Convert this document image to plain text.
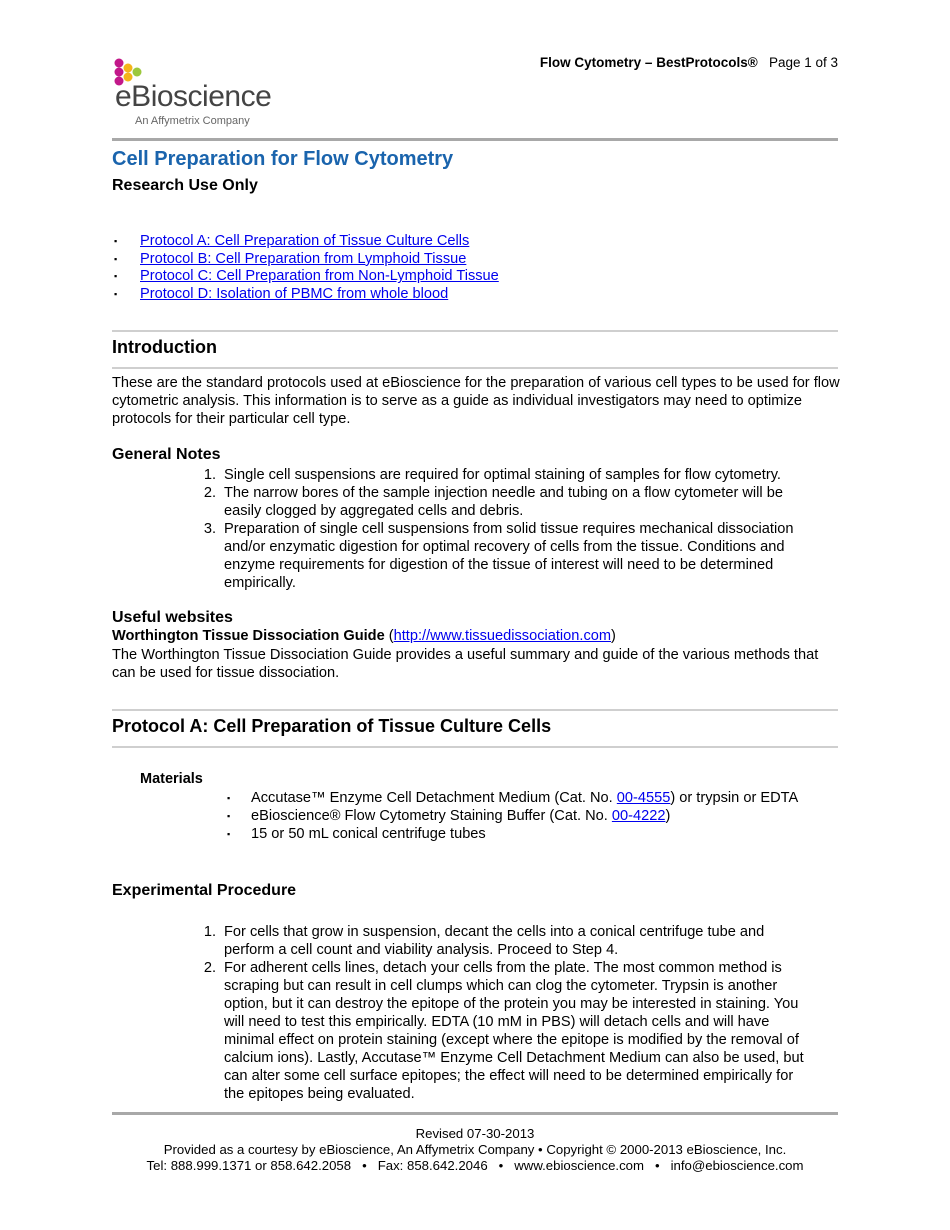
Flow Cytometry – BestProtocols® Page 1 of 3
eBioscience
An Affymetrix Company
Cell Preparation for Flow Cytometry
Research Use Only
▪ Protocol A: Cell Preparation of Tissue Culture Cells
▪ Protocol B: Cell Preparation from Lymphoid Tissue
▪ Protocol C: Cell Preparation from Non-Lymphoid Tissue
▪ Protocol D: Isolation of PBMC from whole blood
Introduction
These are the standard protocols used at eBioscience for the preparation of various cell types to be used for flow cytometric analysis. This information is to serve as a guide as individual investigators may need to optimize protocols for their particular cell type.
General Notes
1. Single cell suspensions are required for optimal staining of samples for flow cytometry.
2. The narrow bores of the sample injection needle and tubing on a flow cytometer will be easily clogged by aggregated cells and debris.
3. Preparation of single cell suspensions from solid tissue requires mechanical dissociation and/or enzymatic digestion for optimal recovery of cells from the tissue. Conditions and enzyme requirements for digestion of the tissue of interest will need to be determined empirically.
Useful websites
Worthington Tissue Dissociation Guide (http://www.tissuedissociation.com)
The Worthington Tissue Dissociation Guide provides a useful summary and guide of the various methods that can be used for tissue dissociation.
Protocol A: Cell Preparation of Tissue Culture Cells
Materials
▪ Accutase™ Enzyme Cell Detachment Medium (Cat. No. 00-4555) or trypsin or EDTA
▪ eBioscience® Flow Cytometry Staining Buffer (Cat. No. 00-4222)
▪ 15 or 50 mL conical centrifuge tubes
Experimental Procedure
1. For cells that grow in suspension, decant the cells into a conical centrifuge tube and perform a cell count and viability analysis. Proceed to Step 4.
2. For adherent cells lines, detach your cells from the plate. The most common method is scraping but can result in cell clumps which can clog the cytometer. Trypsin is another option, but it can destroy the epitope of the protein you may be interested in staining. You will need to test this empirically. EDTA (10 mM in PBS) will detach cells and will have minimal effect on protein staining (except where the epitope is modified by the removal of calcium ions). Lastly, Accutase™ Enzyme Cell Detachment Medium can also be used, but can alter some cell surface epitopes; the effect will need to be determined empirically for the epitopes being evaluated.
Revised 07-30-2013
Provided as a courtesy by eBioscience, An Affymetrix Company • Copyright © 2000-2013 eBioscience, Inc.
Tel: 888.999.1371 or 858.642.2058   •   Fax: 858.642.2046   •   www.ebioscience.com   •   info@ebioscience.com
